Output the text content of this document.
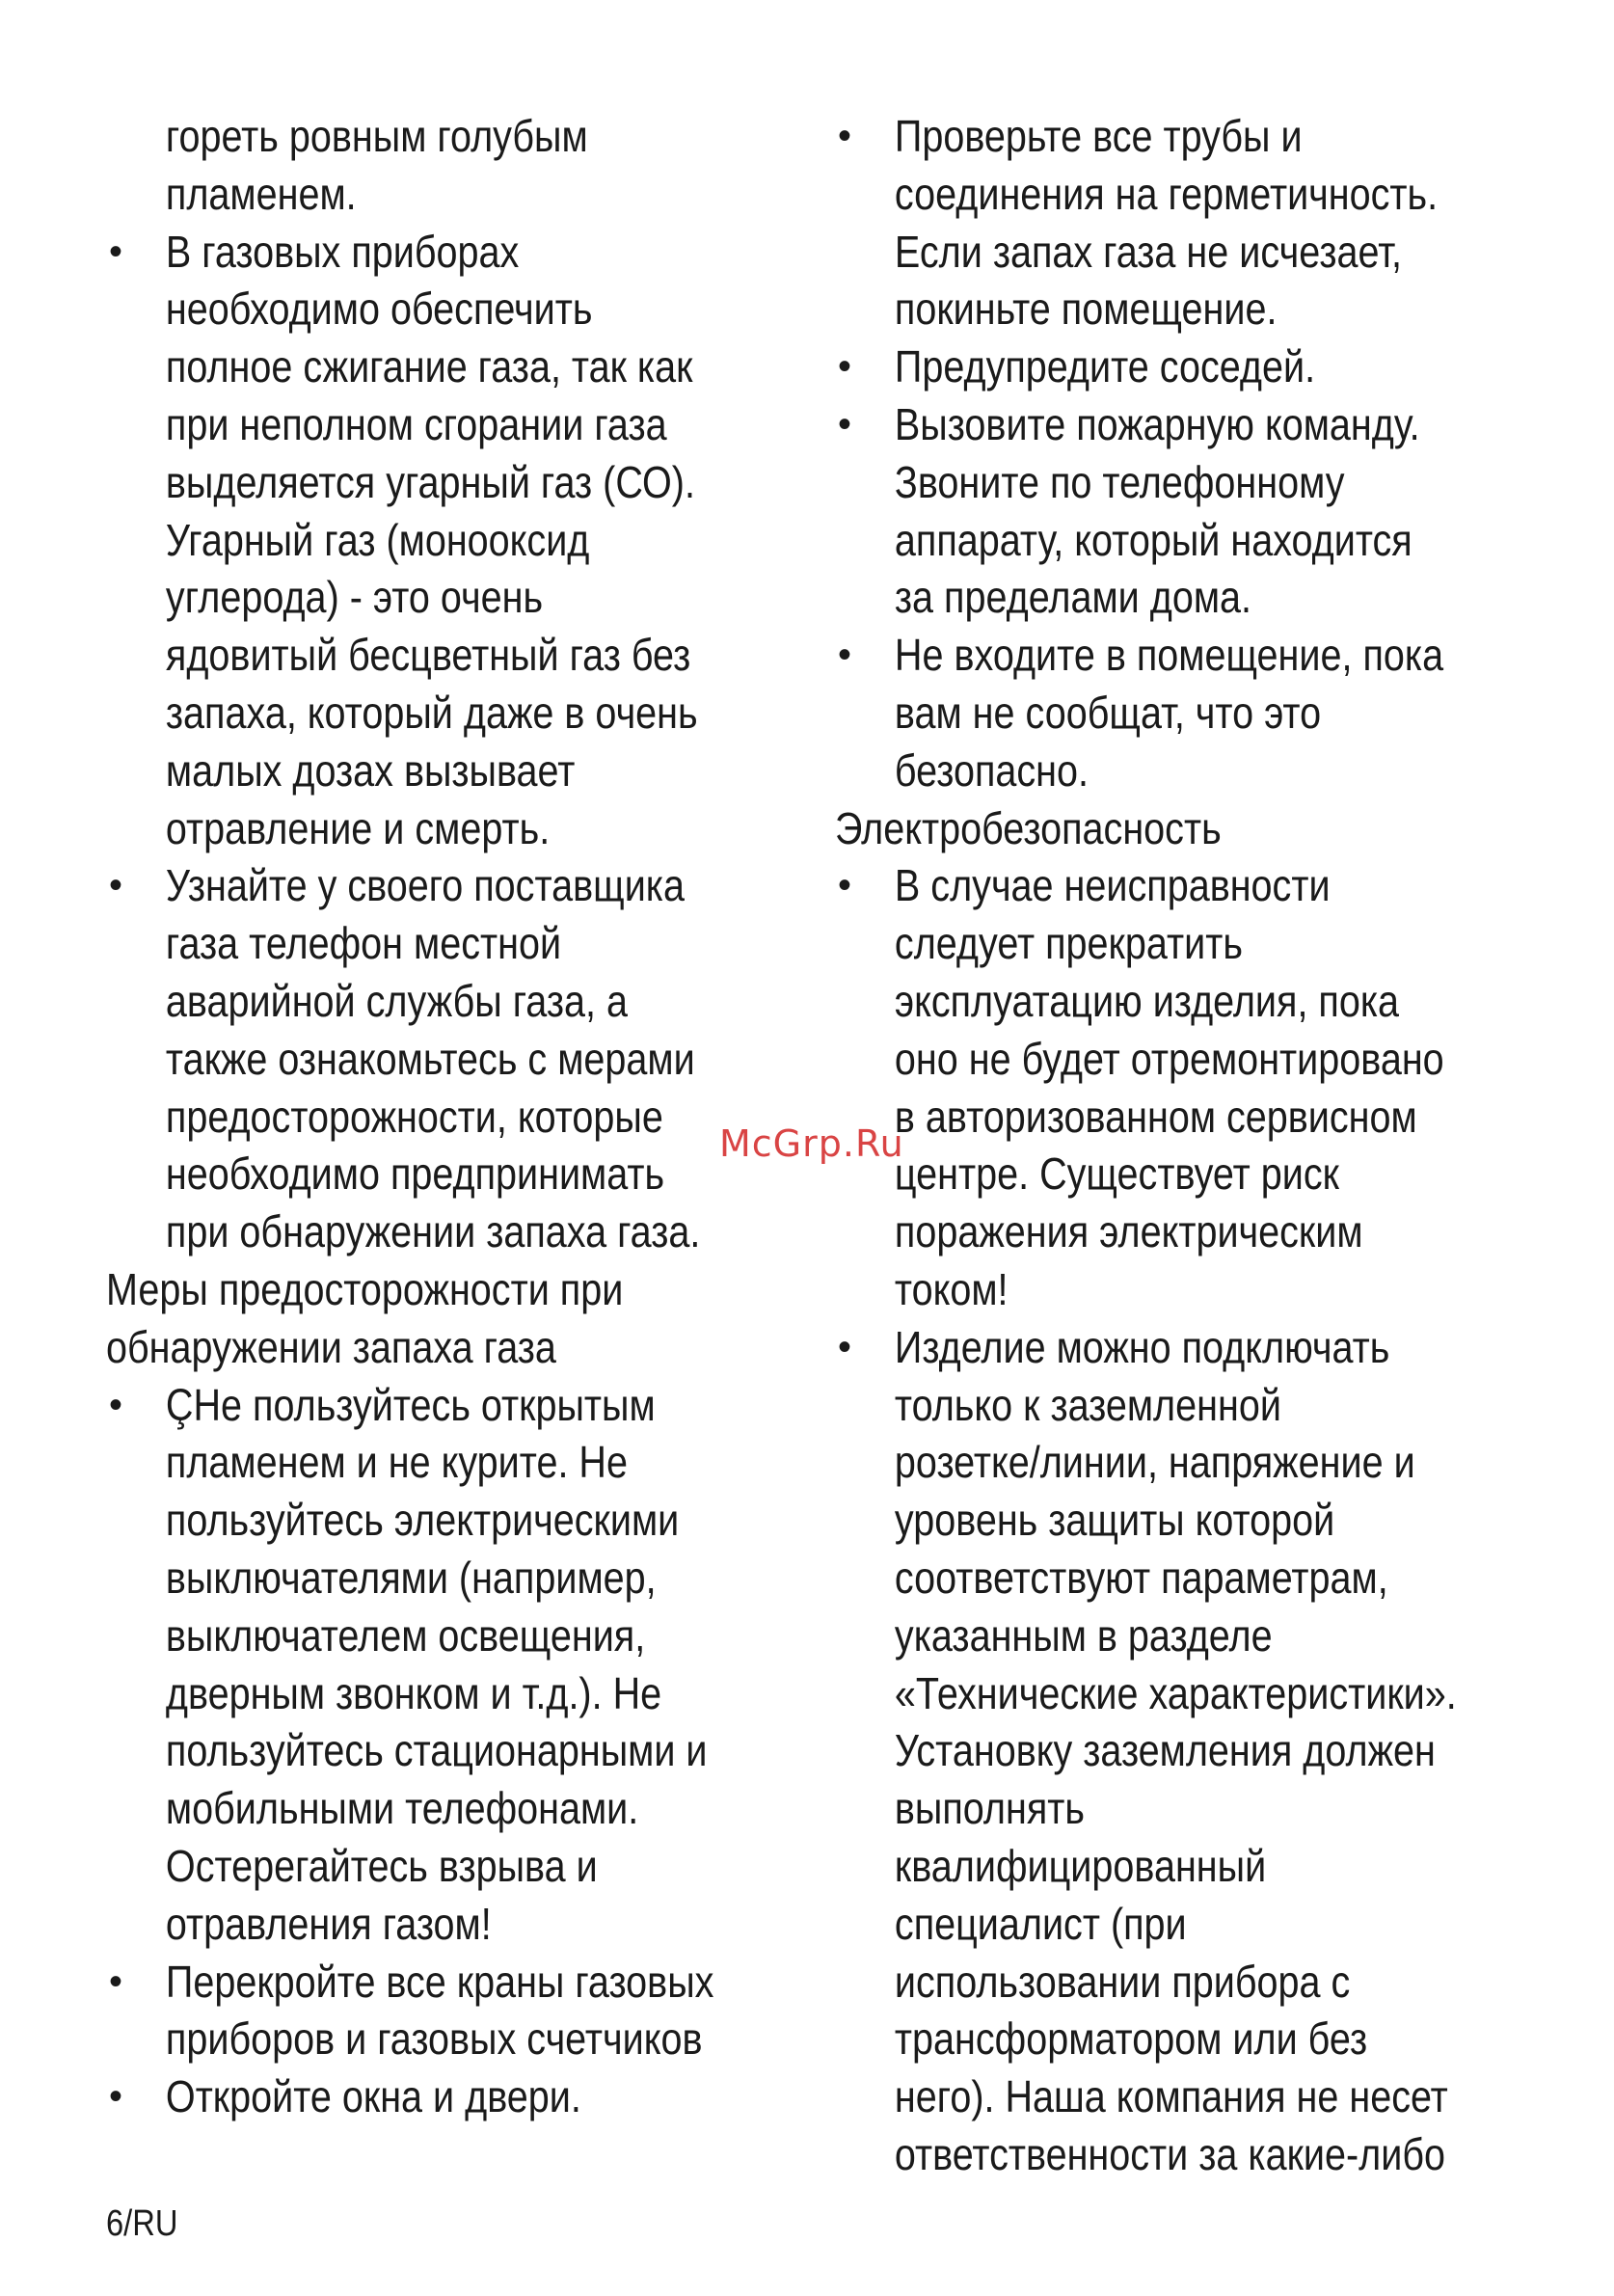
гореть ровным голубым
пламенем.
• В газовых приборах
необходимо обеспечить
полное сжигание газа, так как
при неполном сгорании газа
выделяется угарный газ (СО).
Угарный газ (монооксид
углерода) - это очень
ядовитый бесцветный газ без
запаха, который даже в очень
малых дозах вызывает
отравление и смерть.
• Узнайте у своего поставщика
газа телефон местной
аварийной службы газа, а
также ознакомьтесь с мерами
предосторожности, которые
необходимо предпринимать
при обнаружении запаха газа.
Меры предосторожности при
обнаружении запаха газа
• ÇНе пользуйтесь открытым
пламенем и не курите. Не
пользуйтесь электрическими
выключателями (например,
выключателем освещения,
дверным звонком и т.д.). Не
пользуйтесь стационарными и
мобильными телефонами.
Остерегайтесь взрыва и
отравления газом!
• Перекройте все краны газовых
приборов и газовых счетчиков
• Откройте окна и двери.
• Проверьте все трубы и
соединения на герметичность.
Если запах газа не исчезает,
покиньте помещение.
• Предупредите соседей.
• Вызовите пожарную команду.
Звоните по телефонному
аппарату, который находится
за пределами дома.
• Не входите в помещение, пока
вам не сообщат, что это
безопасно.
Электробезопасность
• В случае неисправности
следует прекратить
эксплуатацию изделия, пока
оно не будет отремонтировано
в авторизованном сервисном
центре. Существует риск
поражения электрическим
током!
• Изделие можно подключать
только к заземленной
розетке/линии, напряжение и
уровень защиты которой
соответствуют параметрам,
указанным в разделе
«Технические характеристики».
Установку заземления должен
выполнять
квалифицированный
специалист (при
использовании прибора с
трансформатором или без
него). Наша компания не несет
ответственности за какие-либо
McGrp.Ru
6/RU
